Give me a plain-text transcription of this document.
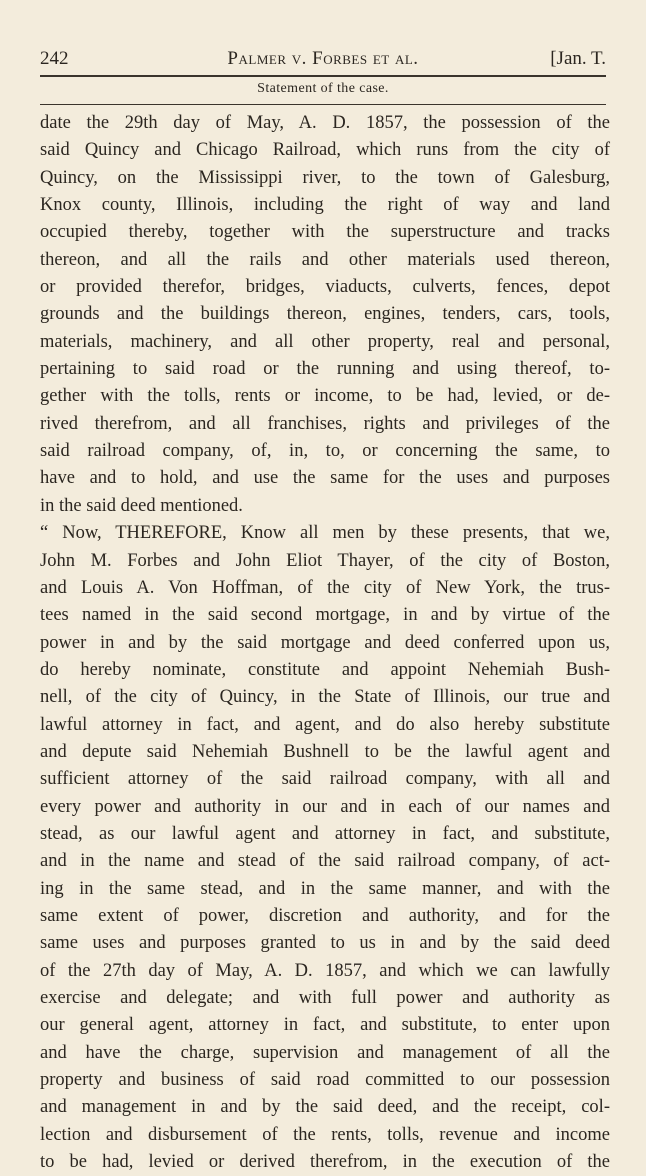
242	Palmer v. Forbes et al.	[Jan. T.
Statement of the case.
date the 29th day of May, A. D. 1857, the possession of the
said Quincy and Chicago Railroad, which runs from the city of
Quincy, on the Mississippi river, to the town of Galesburg,
Knox county, Illinois, including the right of way and land
occupied thereby, together with the superstructure and tracks
thereon, and all the rails and other materials used thereon,
or provided therefor, bridges, viaducts, culverts, fences, depot
grounds and the buildings thereon, engines, tenders, cars, tools,
materials, machinery, and all other property, real and personal,
pertaining to said road or the running and using thereof, to-
gether with the tolls, rents or income, to be had, levied, or de-
rived therefrom, and all franchises, rights and privileges of the
said railroad company, of, in, to, or concerning the same, to
have and to hold, and use the same for the uses and purposes
in the said deed mentioned.
“ Now, THEREFORE, Know all men by these presents, that we,
John M. Forbes and John Eliot Thayer, of the city of Boston,
and Louis A. Von Hoffman, of the city of New York, the trus-
tees named in the said second mortgage, in and by virtue of the
power in and by the said mortgage and deed conferred upon us,
do hereby nominate, constitute and appoint Nehemiah Bush-
nell, of the city of Quincy, in the State of Illinois, our true and
lawful attorney in fact, and agent, and do also hereby substitute
and depute said Nehemiah Bushnell to be the lawful agent and
sufficient attorney of the said railroad company, with all and
every power and authority in our and in each of our names and
stead, as our lawful agent and attorney in fact, and substitute,
and in the name and stead of the said railroad company, of act-
ing in the same stead, and in the same manner, and with the
same extent of power, discretion and authority, and for the
same uses and purposes granted to us in and by the said deed
of the 27th day of May, A. D. 1857, and which we can lawfully
exercise and delegate; and with full power and authority as
our general agent, attorney in fact, and substitute, to enter upon
and have the charge, supervision and management of all the
property and business of said road committed to our possession
and management in and by the said deed, and the receipt, col-
lection and disbursement of the rents, tolls, revenue and income
to be had, levied or derived therefrom, in the execution of the
